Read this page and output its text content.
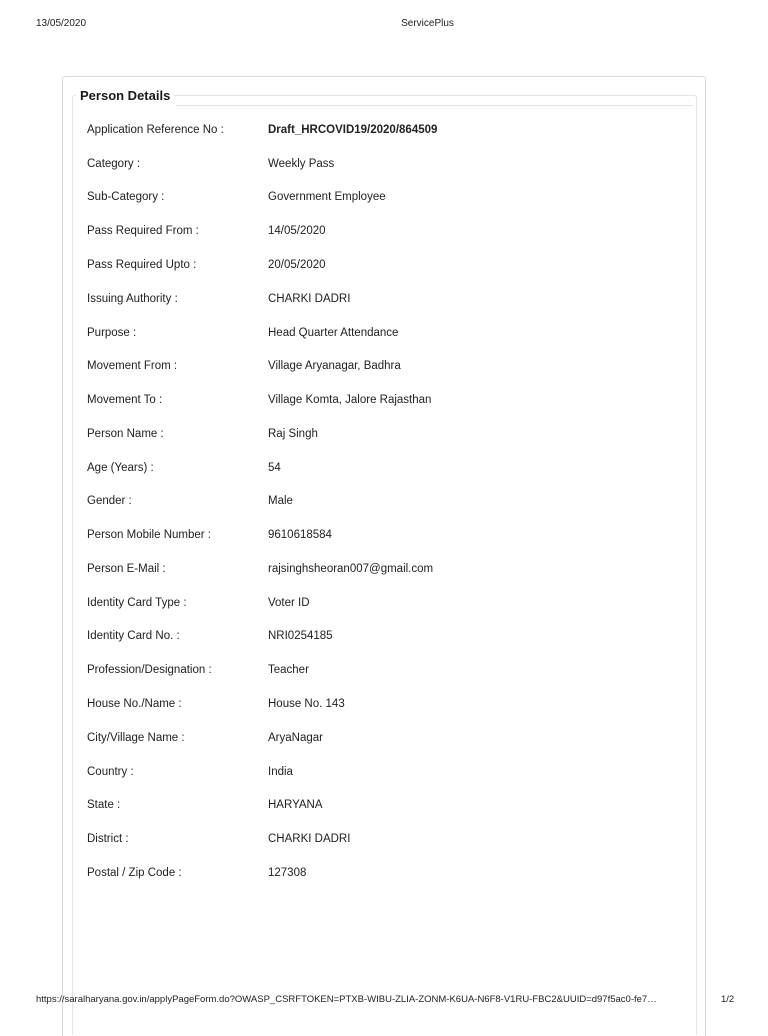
13/05/2020	ServicePlus
Person Details
Application Reference No :	Draft_HRCOVID19/2020/864509
Category :	Weekly Pass
Sub-Category :	Government Employee
Pass Required From :	14/05/2020
Pass Required Upto :	20/05/2020
Issuing Authority :	CHARKI DADRI
Purpose :	Head Quarter Attendance
Movement From :	Village Aryanagar, Badhra
Movement To :	Village Komta, Jalore Rajasthan
Person Name :	Raj Singh
Age (Years) :	54
Gender :	Male
Person Mobile Number :	9610618584
Person E-Mail :	rajsinghsheoran007@gmail.com
Identity Card Type :	Voter ID
Identity Card No. :	NRI0254185
Profession/Designation :	Teacher
House No./Name :	House No. 143
City/Village Name :	AryaNagar
Country :	India
State :	HARYANA
District :	CHARKI DADRI
Postal / Zip Code :	127308
https://saralharyana.gov.in/applyPageForm.do?OWASP_CSRFTOKEN=PTXB-WIBU-ZLIA-ZONM-K6UA-N6F8-V1RU-FBC2&UUID=d97f5ac0-fe7…	1/2
